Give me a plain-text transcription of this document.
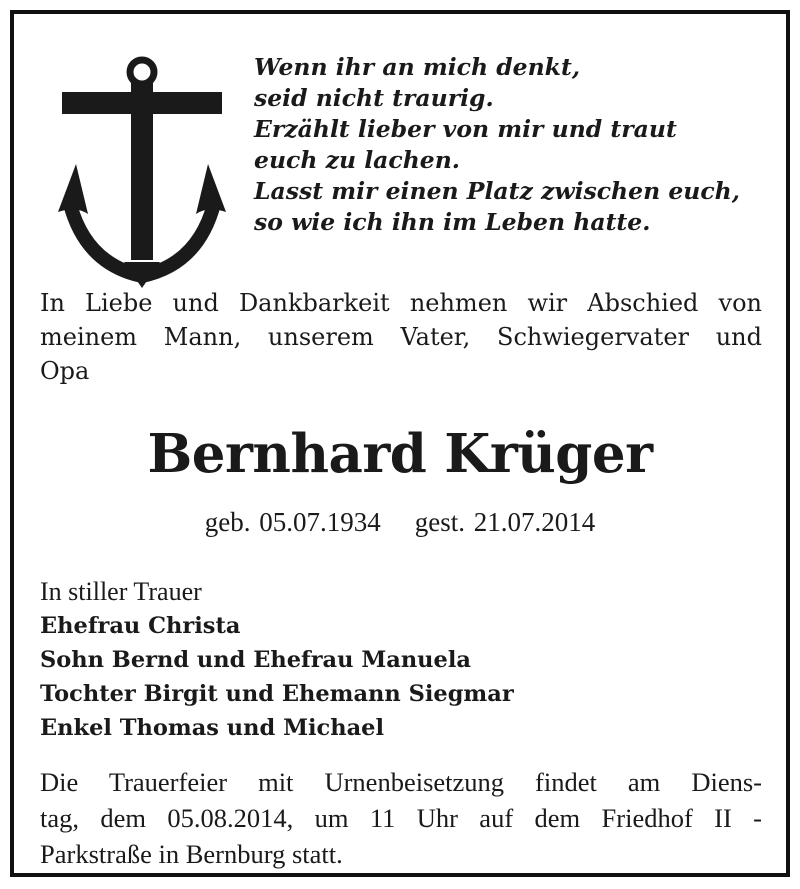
Wenn ihr an mich denkt,
seid nicht traurig.
Erzählt lieber von mir und traut
euch zu lachen.
Lasst mir einen Platz zwischen euch,
so wie ich ihn im Leben hatte.
In Liebe und Dankbarkeit nehmen wir Abschied von
meinem Mann, unserem Vater, Schwiegervater und
Opa
Bernhard Krüger
geb. 05.07.1934 gest. 21.07.2014
In stiller Trauer
Ehefrau Christa
Sohn Bernd und Ehefrau Manuela
Tochter Birgit und Ehemann Siegmar
Enkel Thomas und Michael
Die Trauerfeier mit Urnenbeisetzung findet am Diens-
tag, dem 05.08.2014, um 11 Uhr auf dem Friedhof II -
Parkstraße in Bernburg statt.
